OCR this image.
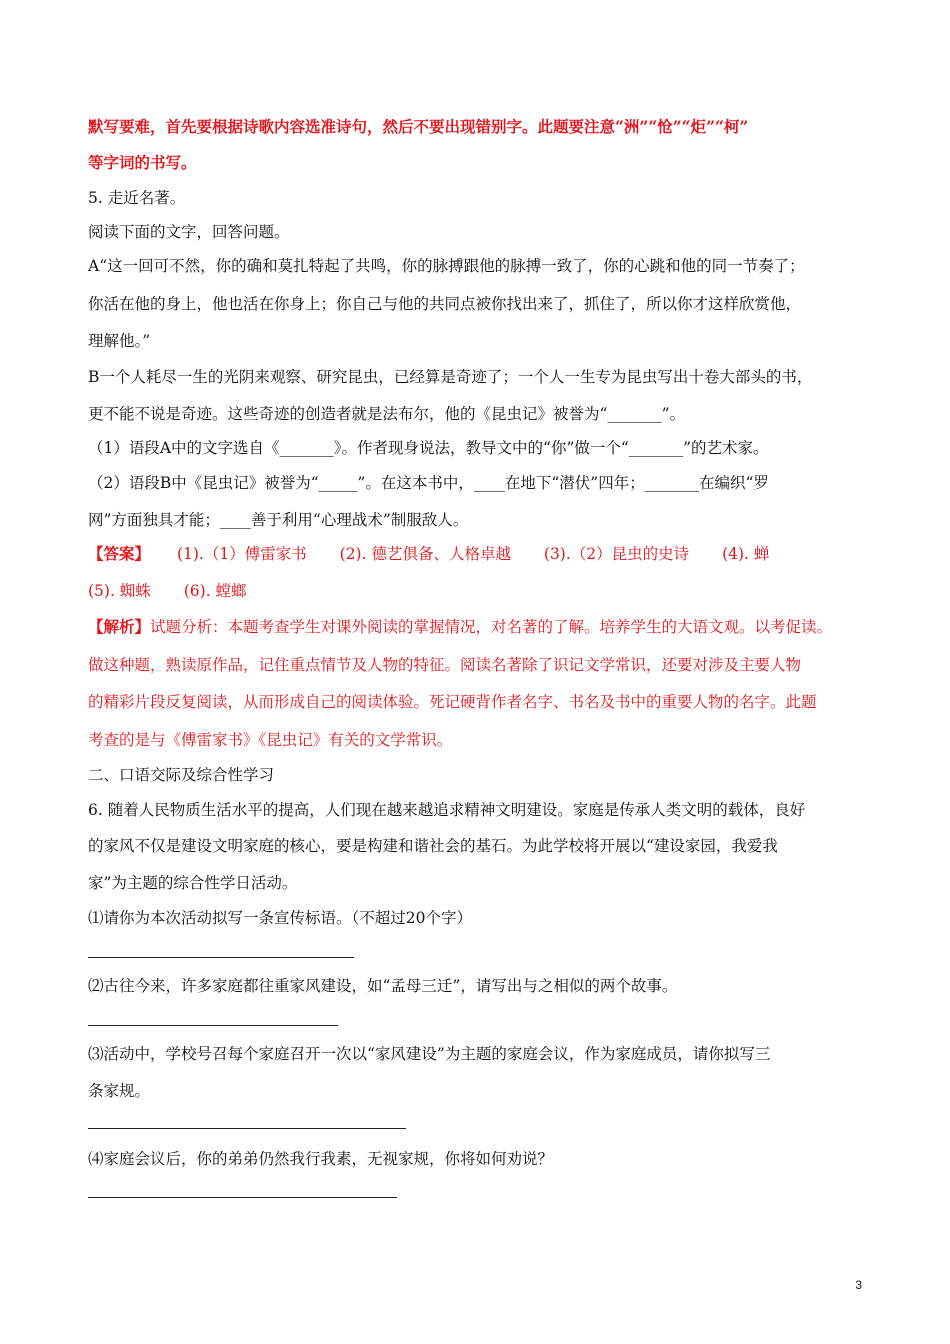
默写要难，首先要根据诗歌内容选准诗句，然后不要出现错别字。此题要注意“洲”“怆”“炬”“柯”
等字词的书写。
5. 走近名著。
阅读下面的文字，回答问题。
A“这一回可不然，你的确和莫扎特起了共鸣，你的脉搏跟他的脉搏一致了，你的心跳和他的同一节奏了；
你活在他的身上，他也活在你身上；你自己与他的共同点被你找出来了，抓住了，所以你才这样欣赏他，
理解他。”
B一个人耗尽一生的光阴来观察、研究昆虫，已经算是奇迹了；一个人一生专为昆虫写出十卷大部头的书，
更不能不说是奇迹。这些奇迹的创造者就是法布尔，他的《昆虫记》被誉为“_______”。
（1）语段A中的文字选自《_______》。作者现身说法，教导文中的“你”做一个“_______”的艺术家。
（2）语段B中《昆虫记》被誉为“_____”。在这本书中，____在地下“潜伏”四年；_______在编织“罗
网”方面独具才能；____善于利用“心理战术”制服敌人。
【答案】 (1).（1）傅雷家书 (2). 德艺俱备、人格卓越 (3).（2）昆虫的史诗 (4). 蝉
(5). 蜘蛛 (6). 螳螂
【解析】试题分析：本题考查学生对课外阅读的掌握情况，对名著的了解。培养学生的大语文观。以考促读。
做这种题，熟读原作品，记住重点情节及人物的特征。阅读名著除了识记文学常识，还要对涉及主要人物
的精彩片段反复阅读，从而形成自己的阅读体验。死记硬背作者名字、书名及书中的重要人物的名字。此题
考查的是与《傅雷家书》《昆虫记》有关的文学常识。
二、口语交际及综合性学习
6. 随着人民物质生活水平的提高，人们现在越来越追求精神文明建设。家庭是传承人类文明的载体，良好
的家风不仅是建设文明家庭的核心，要是构建和谐社会的基石。为此学校将开展以“建设家园，我爱我
家”为主题的综合性学日活动。
⑴请你为本次活动拟写一条宣传标语。（不超过20个字）
⑵古往今来，许多家庭都往重家风建设，如“孟母三迁”，请写出与之相似的两个故事。
⑶活动中，学校号召每个家庭召开一次以“家风建设”为主题的家庭会议，作为家庭成员，请你拟写三
条家规。
⑷家庭会议后，你的弟弟仍然我行我素，无视家规，你将如何劝说？
3
